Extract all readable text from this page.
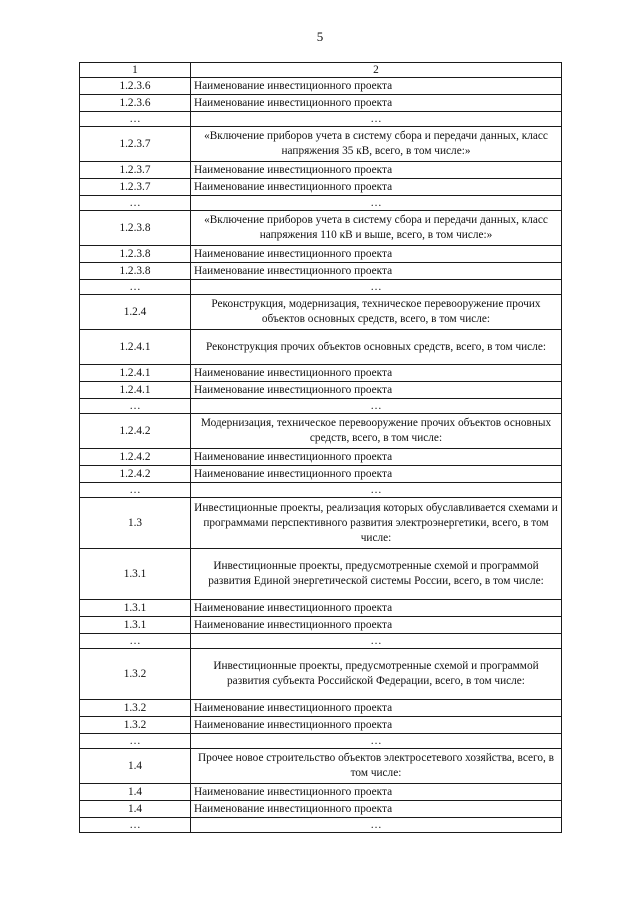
5
1	2
1.2.3.6	Наименование инвестиционного проекта
1.2.3.6	Наименование инвестиционного проекта
…	…
1.2.3.7	«Включение приборов учета в систему сбора и передачи данных, класс напряжения 35 кВ, всего, в том числе:»
1.2.3.7	Наименование инвестиционного проекта
1.2.3.7	Наименование инвестиционного проекта
…	…
1.2.3.8	«Включение приборов учета в систему сбора и передачи данных, класс напряжения 110 кВ и выше, всего, в том числе:»
1.2.3.8	Наименование инвестиционного проекта
1.2.3.8	Наименование инвестиционного проекта
…	…
1.2.4	Реконструкция, модернизация, техническое перевооружение прочих объектов основных средств, всего, в том числе:
1.2.4.1	Реконструкция прочих объектов основных средств, всего, в том числе:
1.2.4.1	Наименование инвестиционного проекта
1.2.4.1	Наименование инвестиционного проекта
…	…
1.2.4.2	Модернизация, техническое перевооружение прочих объектов основных средств, всего, в том числе:
1.2.4.2	Наименование инвестиционного проекта
1.2.4.2	Наименование инвестиционного проекта
…	…
1.3	Инвестиционные проекты, реализация которых обуславливается схемами и программами перспективного развития электроэнергетики, всего, в том числе:
1.3.1	Инвестиционные проекты, предусмотренные схемой и программой развития Единой энергетической системы России, всего, в том числе:
1.3.1	Наименование инвестиционного проекта
1.3.1	Наименование инвестиционного проекта
…	…
1.3.2	Инвестиционные проекты, предусмотренные схемой и программой развития субъекта Российской Федерации, всего, в том числе:
1.3.2	Наименование инвестиционного проекта
1.3.2	Наименование инвестиционного проекта
…	…
1.4	Прочее новое строительство объектов электросетевого хозяйства, всего, в том числе:
1.4	Наименование инвестиционного проекта
1.4	Наименование инвестиционного проекта
…	…
